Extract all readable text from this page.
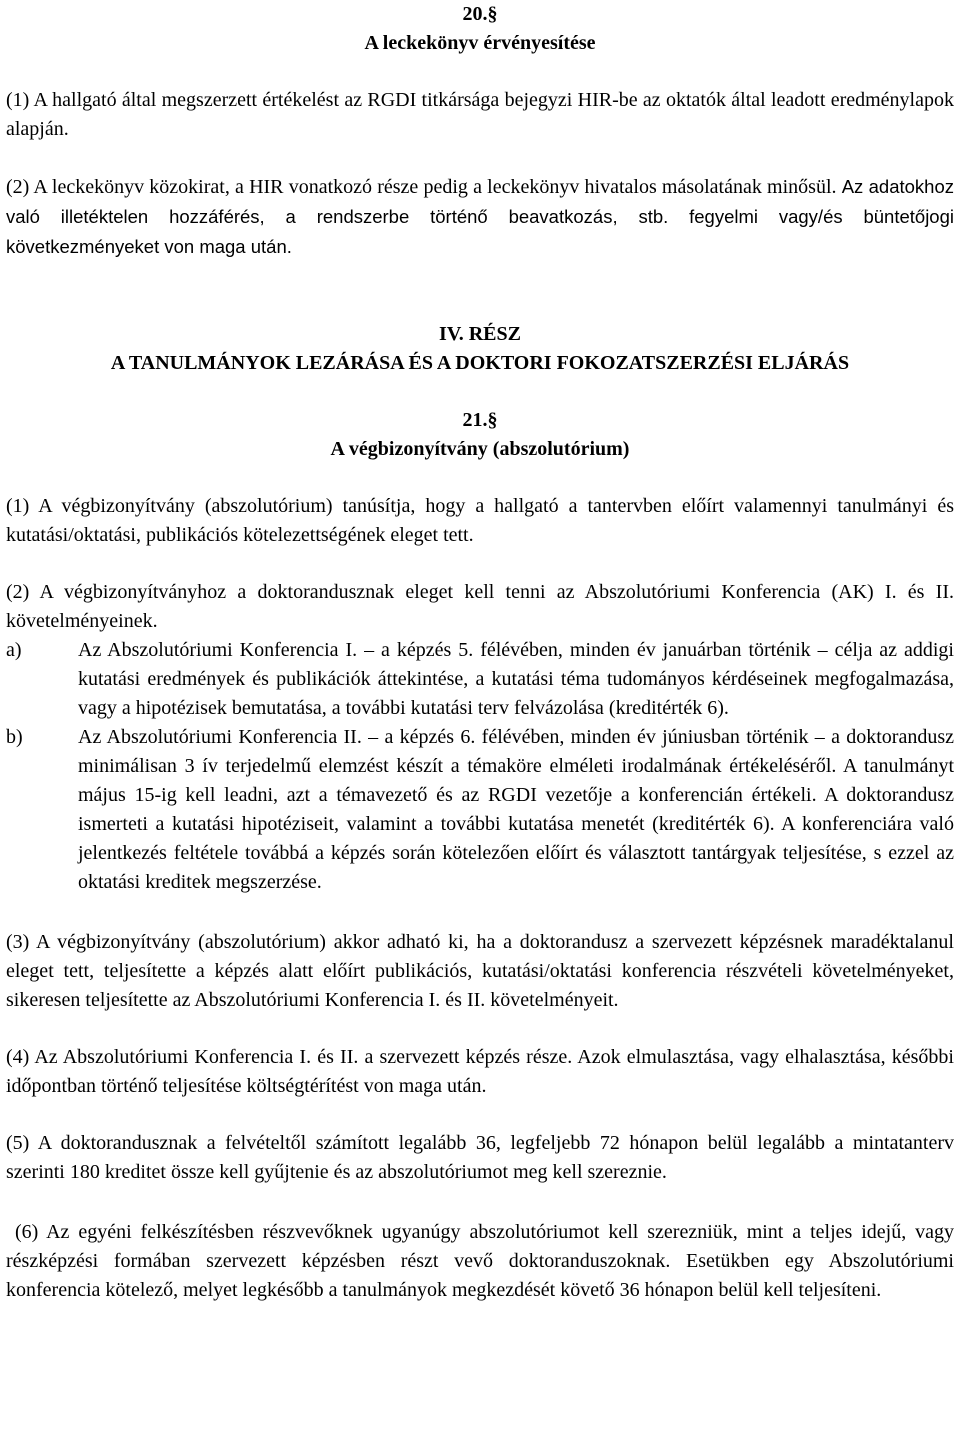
20.§

A leckekönyv érvényesítése

(1) A hallgató által megszerzett értékelést az RGDI titkársága bejegyzi HIR-be az oktatók által leadott eredménylapok alapján.

(2) A leckekönyv közokirat, a HIR vonatkozó része pedig a leckekönyv hivatalos másolatának minősül. Az adatokhoz való illetéktelen hozzáférés, a rendszerbe történő beavatkozás, stb. fegyelmi vagy/és büntetőjogi következményeket von maga után.

IV. RÉSZ

A TANULMÁNYOK LEZÁRÁSA ÉS A DOKTORI FOKOZATSZERZÉSI ELJÁRÁS

21.§

A végbizonyítvány (abszolutórium)

(1) A végbizonyítvány (abszolutórium) tanúsítja, hogy a hallgató a tantervben előírt valamennyi tanulmányi és kutatási/oktatási, publikációs kötelezettségének eleget tett.

(2) A végbizonyítványhoz a doktorandusznak eleget kell tenni az Abszolutóriumi Konferencia (AK) I. és II. követelményeinek.

a)	Az Abszolutóriumi Konferencia I. – a képzés 5. félévében, minden év januárban történik – célja az addigi kutatási eredmények és publikációk áttekintése, a kutatási téma tudományos kérdéseinek megfogalmazása, vagy a hipotézisek bemutatása, a további kutatási terv felvázolása (kreditérték 6).
b)	Az Abszolutóriumi Konferencia II. – a képzés 6. félévében, minden év júniusban történik – a doktorandusz minimálisan 3 ív terjedelmű elemzést készít a témaköre elméleti irodalmának értékeléséről. A tanulmányt május 15-ig kell leadni, azt a témavezető és az RGDI vezetője a konferencián értékeli. A doktorandusz ismerteti a kutatási hipotéziseit, valamint a további kutatása menetét (kreditérték 6). A konferenciára való jelentkezés feltétele továbbá a képzés során kötelezően előírt és választott tantárgyak teljesítése, s ezzel az oktatási kreditek megszerzése.

(3) A végbizonyítvány (abszolutórium) akkor adható ki, ha a doktorandusz a szervezett képzésnek maradéktalanul eleget tett, teljesítette a képzés alatt előírt publikációs, kutatási/oktatási konferencia részvételi követelményeket, sikeresen teljesítette az Abszolutóriumi Konferencia I. és II. követelményeit.

(4) Az Abszolutóriumi Konferencia I. és II. a szervezett képzés része. Azok elmulasztása, vagy elhalasztása, későbbi időpontban történő teljesítése költségtérítést von maga után.

(5) A doktorandusznak a felvételtől számított legalább 36, legfeljebb 72 hónapon belül legalább a mintatanterv szerinti 180 kreditet össze kell gyűjtenie és az abszolutóriumot meg kell szereznie.

(6) Az egyéni felkészítésben részvevőknek ugyanúgy abszolutóriumot kell szerezniük, mint a teljes idejű, vagy részképzési formában szervezett képzésben részt vevő doktoranduszoknak. Esetükben egy Abszolutóriumi konferencia kötelező, melyet legkésőbb a tanulmányok megkezdését követő 36 hónapon belül kell teljesíteni.
